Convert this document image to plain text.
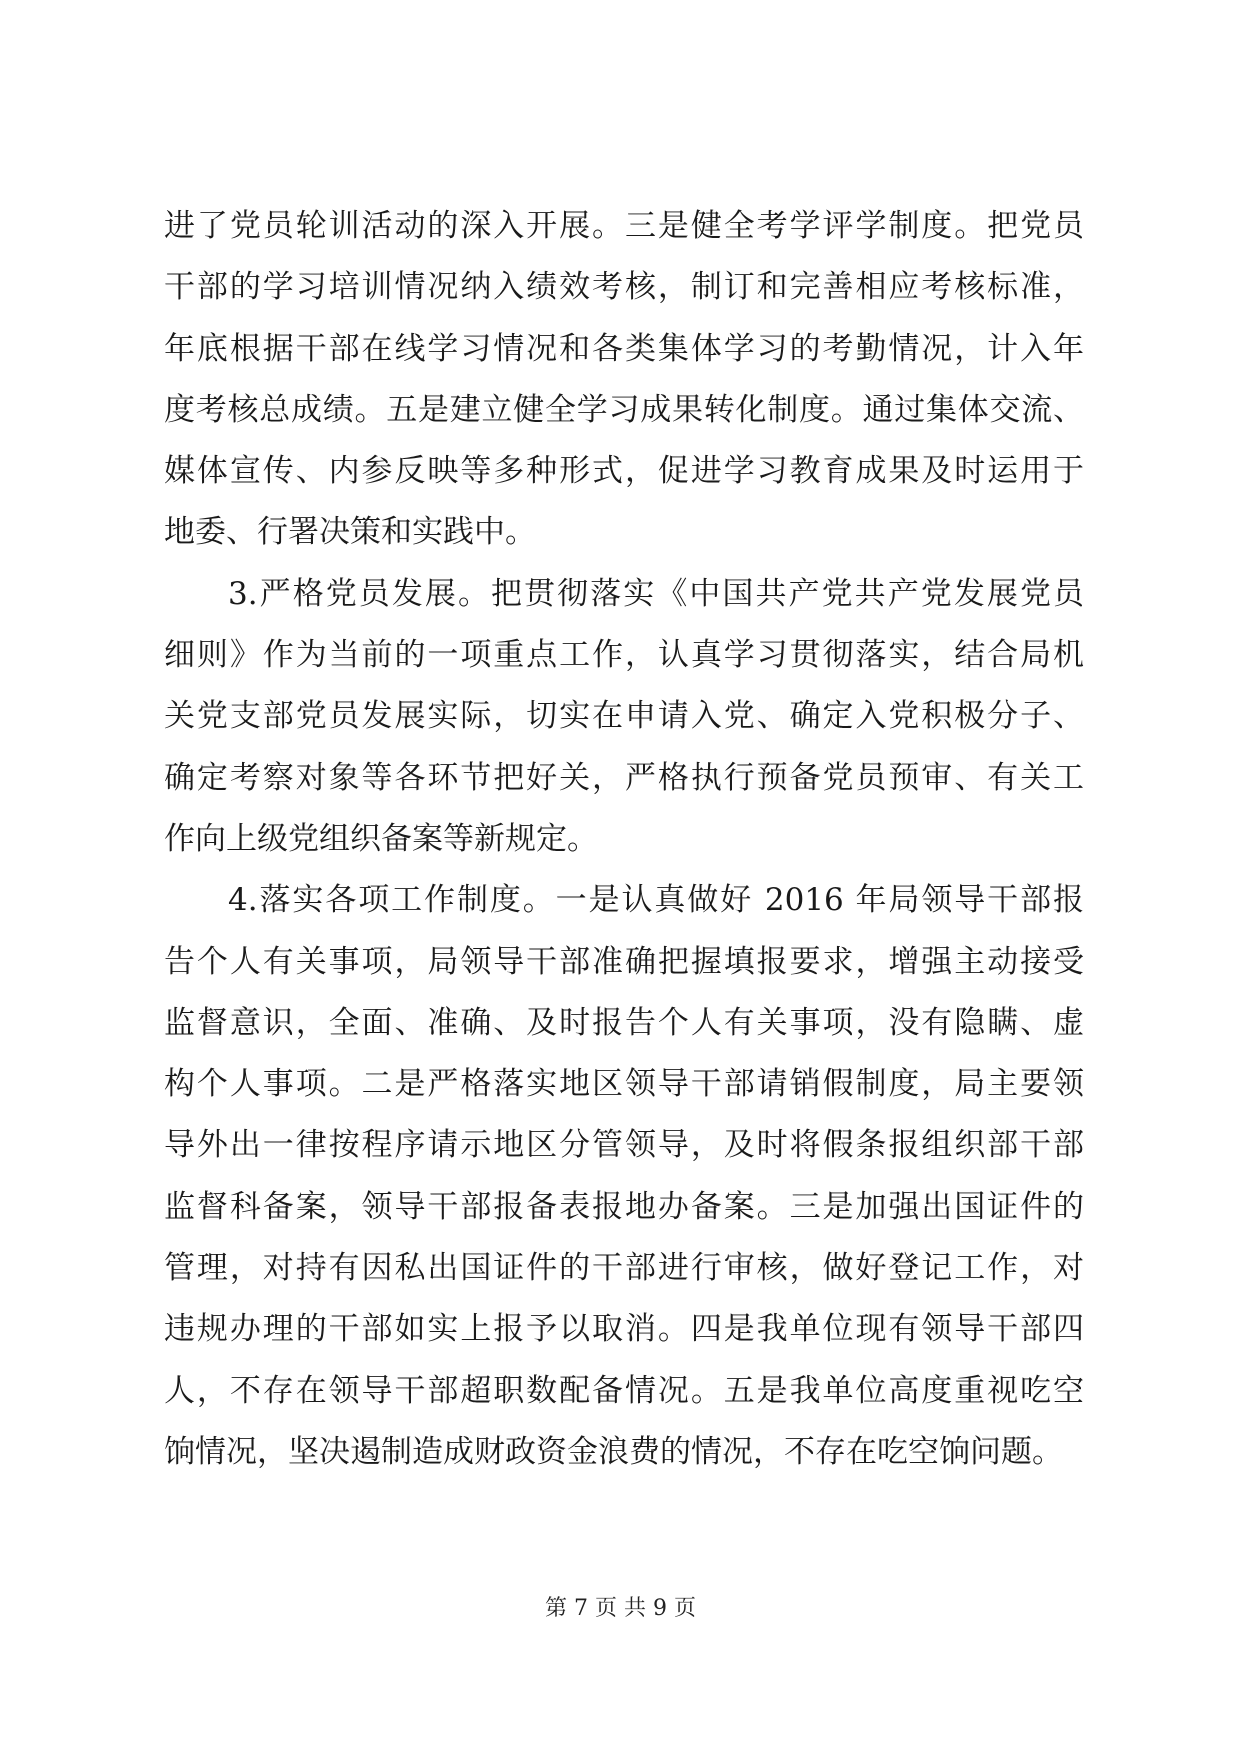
进了党员轮训活动的深入开展。三是健全考学评学制度。把党员
干部的学习培训情况纳入绩效考核，制订和完善相应考核标准，
年底根据干部在线学习情况和各类集体学习的考勤情况，计入年
度考核总成绩。五是建立健全学习成果转化制度。通过集体交流、
媒体宣传、内参反映等多种形式，促进学习教育成果及时运用于
地委、行署决策和实践中。
3.严格党员发展。把贯彻落实《中国共产党共产党发展党员
细则》作为当前的一项重点工作，认真学习贯彻落实，结合局机
关党支部党员发展实际，切实在申请入党、确定入党积极分子、
确定考察对象等各环节把好关，严格执行预备党员预审、有关工
作向上级党组织备案等新规定。
4.落实各项工作制度。一是认真做好 2016 年局领导干部报
告个人有关事项，局领导干部准确把握填报要求，增强主动接受
监督意识，全面、准确、及时报告个人有关事项，没有隐瞒、虚
构个人事项。二是严格落实地区领导干部请销假制度，局主要领
导外出一律按程序请示地区分管领导，及时将假条报组织部干部
监督科备案，领导干部报备表报地办备案。三是加强出国证件的
管理，对持有因私出国证件的干部进行审核，做好登记工作，对
违规办理的干部如实上报予以取消。四是我单位现有领导干部四
人，不存在领导干部超职数配备情况。五是我单位高度重视吃空
饷情况，坚决遏制造成财政资金浪费的情况，不存在吃空饷问题。
第 7 页 共 9 页
